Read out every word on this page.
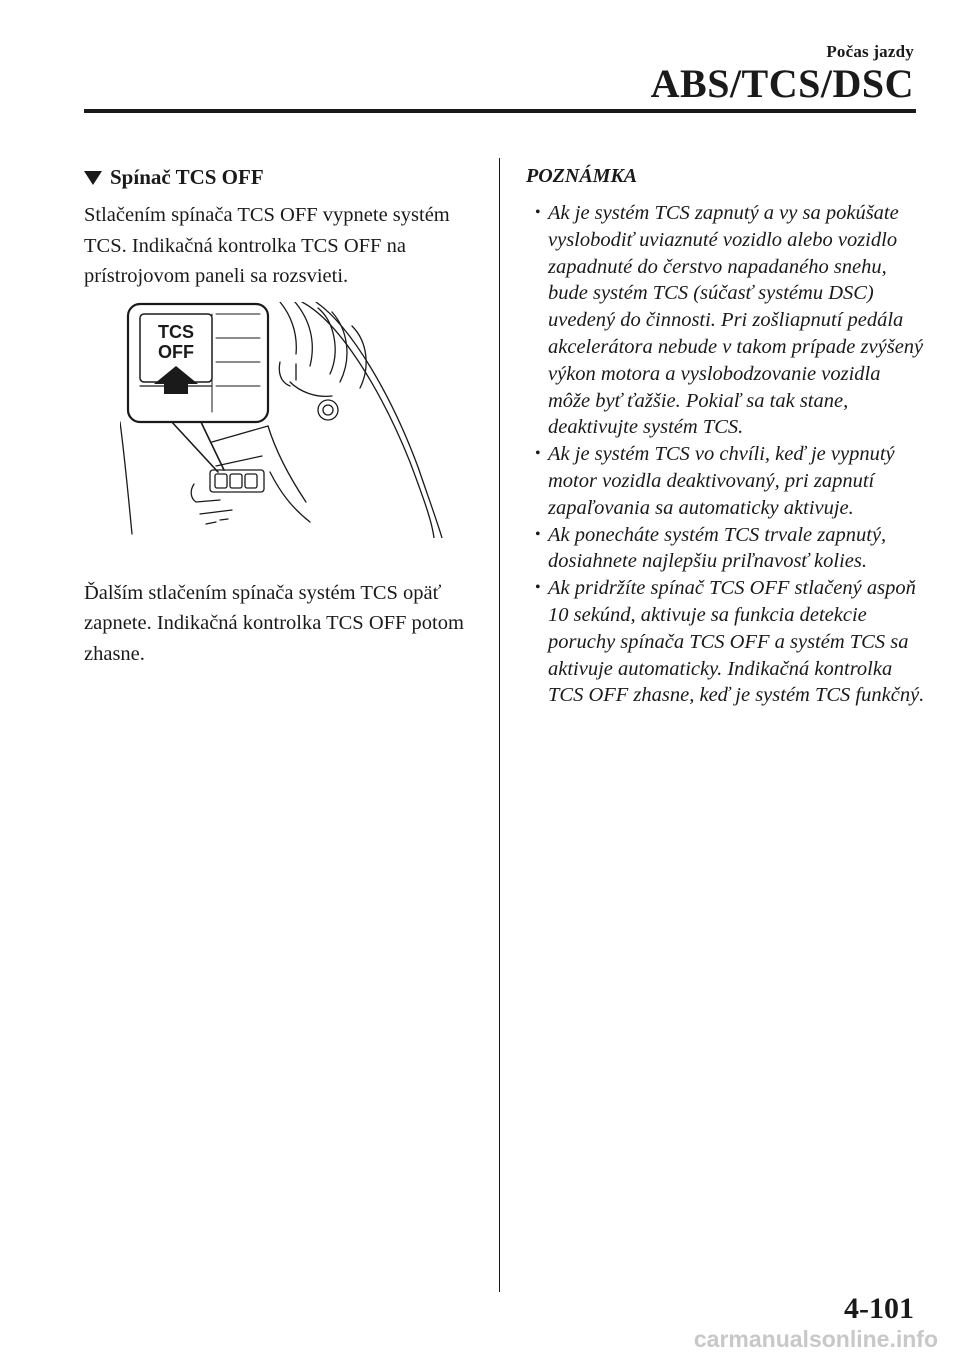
Počas jazdy
ABS/TCS/DSC
Spínač TCS OFF

Stlačením spínača TCS OFF vypnete systém TCS. Indikačná kontrolka TCS OFF na prístrojovom paneli sa rozsvieti.

TCS
OFF

Ďalším stlačením spínača systém TCS opäť zapnete. Indikačná kontrolka TCS OFF potom zhasne.

POZNÁMKA
• Ak je systém TCS zapnutý a vy sa pokúšate vyslobodiť uviaznuté vozidlo alebo vozidlo zapadnuté do čerstvo napadaného snehu, bude systém TCS (súčasť systému DSC) uvedený do činnosti. Pri zošliapnutí pedála akcelerátora nebude v takom prípade zvýšený výkon motora a vyslobodzovanie vozidla môže byť ťažšie. Pokiaľ sa tak stane, deaktivujte systém TCS.
• Ak je systém TCS vo chvíli, keď je vypnutý motor vozidla deaktivovaný, pri zapnutí zapaľovania sa automaticky aktivuje.
• Ak ponecháte systém TCS trvale zapnutý, dosiahnete najlepšiu priľnavosť kolies.
• Ak pridržíte spínač TCS OFF stlačený aspoň 10 sekúnd, aktivuje sa funkcia detekcie poruchy spínača TCS OFF a systém TCS sa aktivuje automaticky. Indikačná kontrolka TCS OFF zhasne, keď je systém TCS funkčný.
4-101
carmanualsonline.info
